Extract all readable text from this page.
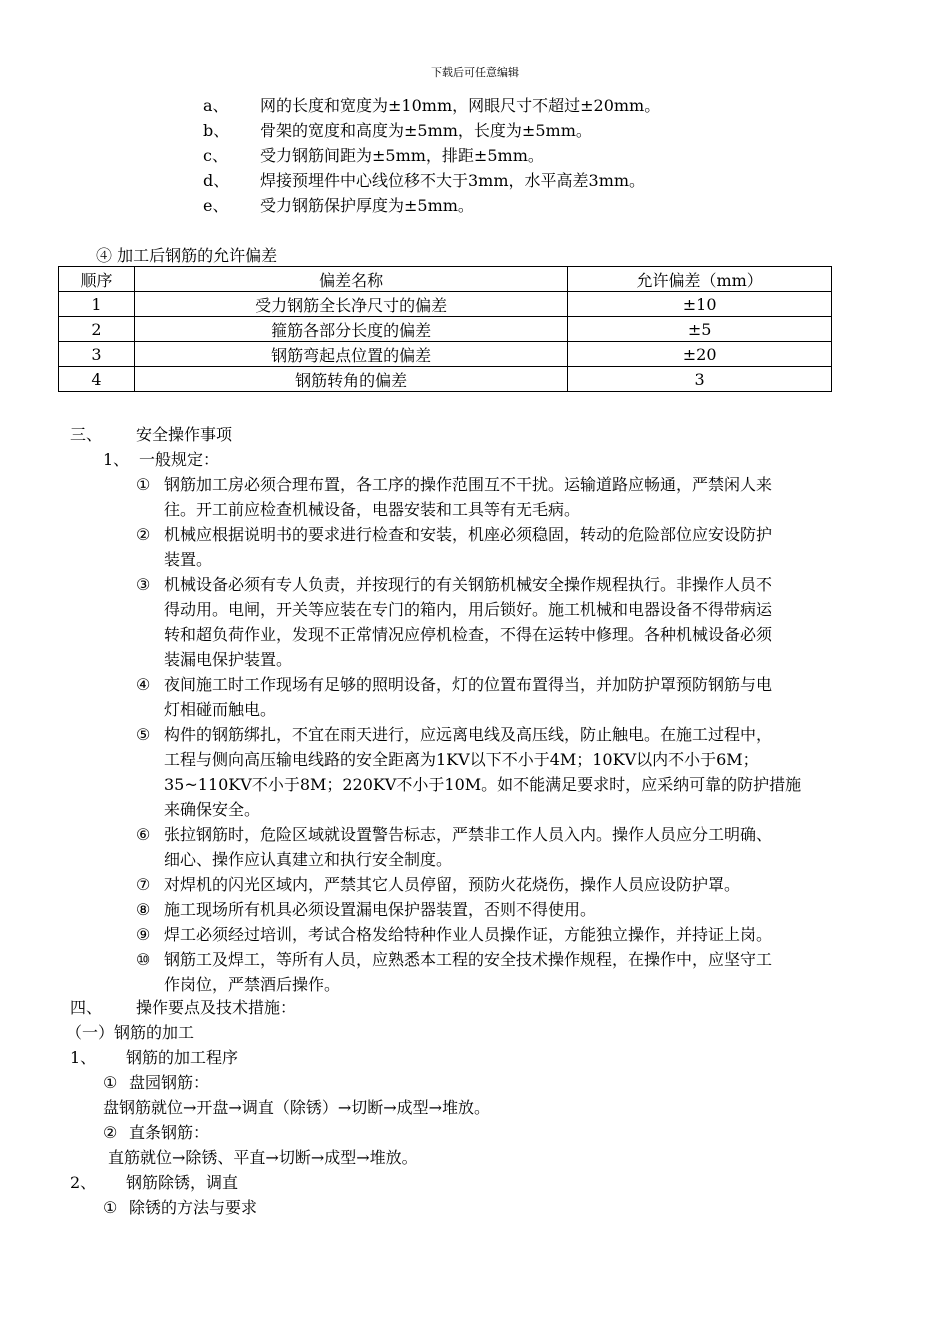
下载后可任意编辑
a、 网的长度和宽度为±10mm，网眼尺寸不超过±20mm。
b、 骨架的宽度和高度为±5mm，长度为±5mm。
c、 受力钢筋间距为±5mm，排距±5mm。
d、 焊接预埋件中心线位移不大于3mm，水平高差3mm。
e、 受力钢筋保护厚度为±5mm。
④ 加工后钢筋的允许偏差
顺序	偏差名称	允许偏差（mm）
1	受力钢筋全长净尺寸的偏差	±10
2	箍筋各部分长度的偏差	±5
3	钢筋弯起点位置的偏差	±20
4	钢筋转角的偏差	3
三、 安全操作事项
1、 一般规定：
① 钢筋加工房必须合理布置，各工序的操作范围互不干扰。运输道路应畅通，严禁闲人来
往。开工前应检查机械设备，电器安装和工具等有无毛病。
② 机械应根据说明书的要求进行检查和安装，机座必须稳固，转动的危险部位应安设防护
装置。
③ 机械设备必须有专人负责，并按现行的有关钢筋机械安全操作规程执行。非操作人员不
得动用。电闸，开关等应装在专门的箱内，用后锁好。施工机械和电器设备不得带病运
转和超负荷作业，发现不正常情况应停机检查，不得在运转中修理。各种机械设备必须
装漏电保护装置。
④ 夜间施工时工作现场有足够的照明设备，灯的位置布置得当，并加防护罩预防钢筋与电
灯相碰而触电。
⑤ 构件的钢筋绑扎，不宜在雨天进行，应远离电线及高压线，防止触电。在施工过程中，
工程与侧向高压输电线路的安全距离为1KV以下不小于4M；10KV以内不小于6M；
35~110KV不小于8M；220KV不小于10M。如不能满足要求时，应采纳可靠的防护措施
来确保安全。
⑥ 张拉钢筋时，危险区域就设置警告标志，严禁非工作人员入内。操作人员应分工明确、
细心、操作应认真建立和执行安全制度。
⑦ 对焊机的闪光区域内，严禁其它人员停留，预防火花烧伤，操作人员应设防护罩。
⑧ 施工现场所有机具必须设置漏电保护器装置，否则不得使用。
⑨ 焊工必须经过培训，考试合格发给特种作业人员操作证，方能独立操作，并持证上岗。
⑩ 钢筋工及焊工，等所有人员，应熟悉本工程的安全技术操作规程，在操作中，应坚守工
作岗位，严禁酒后操作。
四、 操作要点及技术措施：
（一）钢筋的加工
1、 钢筋的加工程序
① 盘园钢筋：
盘钢筋就位→开盘→调直（除锈）→切断→成型→堆放。
② 直条钢筋：
直筋就位→除锈、平直→切断→成型→堆放。
2、 钢筋除锈，调直
① 除锈的方法与要求
